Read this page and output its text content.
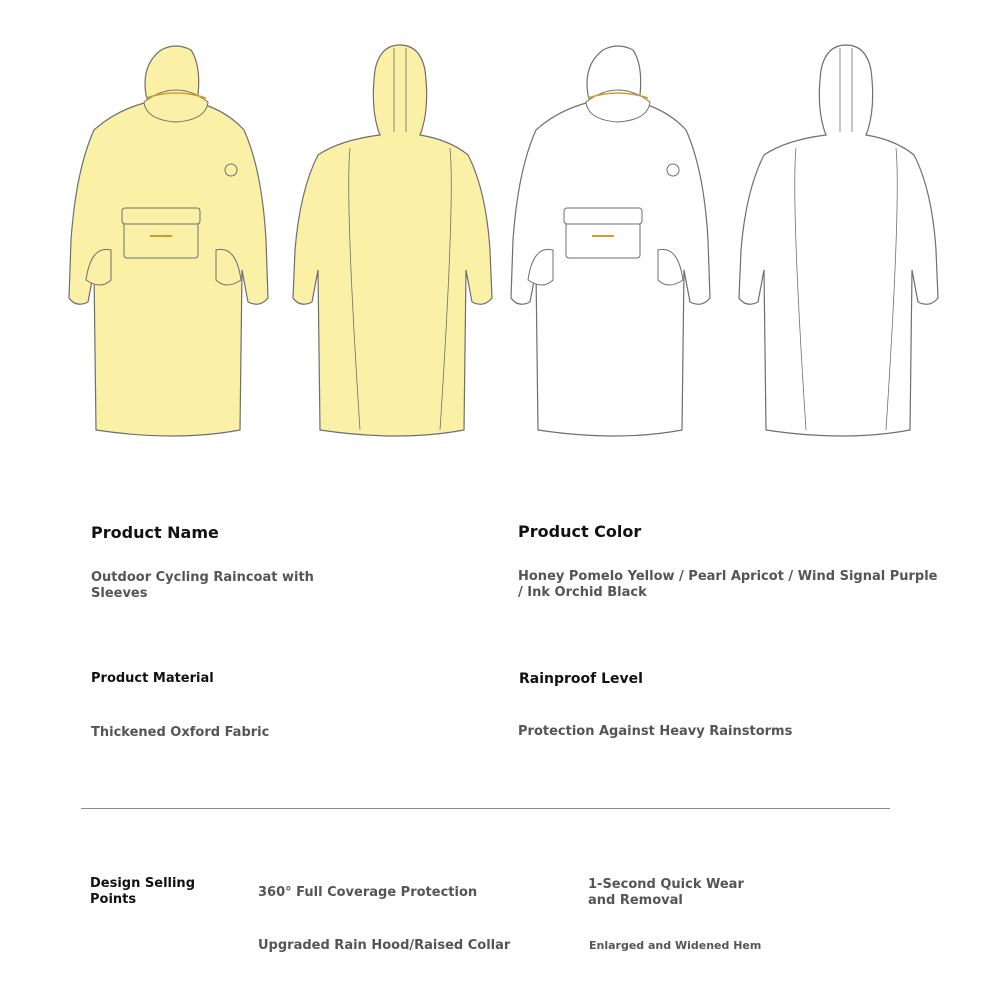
Product Name
Outdoor Cycling Raincoat with
Sleeves
Product Color
Honey Pomelo Yellow / Pearl Apricot / Wind Signal Purple
/ Ink Orchid Black
Product Material
Thickened Oxford Fabric
Rainproof Level
Protection Against Heavy Rainstorms
Design Selling
Points	360° Full Coverage Protection
1-Second Quick Wear
and Removal
Upgraded Rain Hood/Raised Collar	Enlarged and Widened Hem
